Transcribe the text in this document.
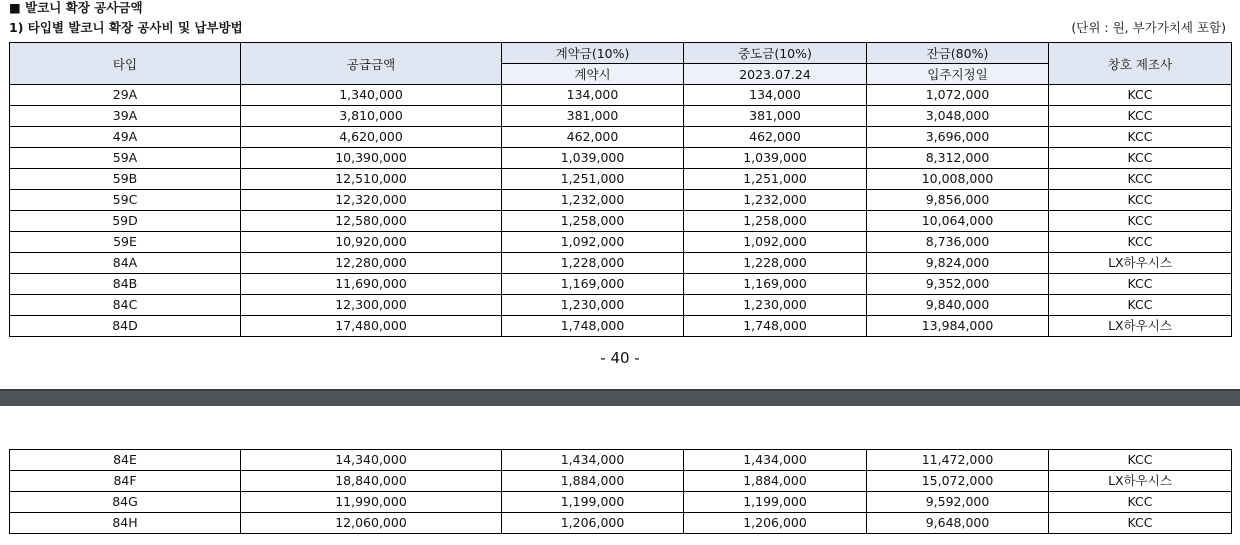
■ 발코니 확장 공사금액
1) 타입별 발코니 확장 공사비 및 납부방법	(단위 : 원, 부가가치세 포함)
타입	공급금액	계약금(10%)	중도금(10%)	잔금(80%)	창호 제조사
		계약시	2023.07.24	입주지정일	
29A	1,340,000	134,000	134,000	1,072,000	KCC
39A	3,810,000	381,000	381,000	3,048,000	KCC
49A	4,620,000	462,000	462,000	3,696,000	KCC
59A	10,390,000	1,039,000	1,039,000	8,312,000	KCC
59B	12,510,000	1,251,000	1,251,000	10,008,000	KCC
59C	12,320,000	1,232,000	1,232,000	9,856,000	KCC
59D	12,580,000	1,258,000	1,258,000	10,064,000	KCC
59E	10,920,000	1,092,000	1,092,000	8,736,000	KCC
84A	12,280,000	1,228,000	1,228,000	9,824,000	LX하우시스
84B	11,690,000	1,169,000	1,169,000	9,352,000	KCC
84C	12,300,000	1,230,000	1,230,000	9,840,000	KCC
84D	17,480,000	1,748,000	1,748,000	13,984,000	LX하우시스
- 40 -
84E	14,340,000	1,434,000	1,434,000	11,472,000	KCC
84F	18,840,000	1,884,000	1,884,000	15,072,000	LX하우시스
84G	11,990,000	1,199,000	1,199,000	9,592,000	KCC
84H	12,060,000	1,206,000	1,206,000	9,648,000	KCC
